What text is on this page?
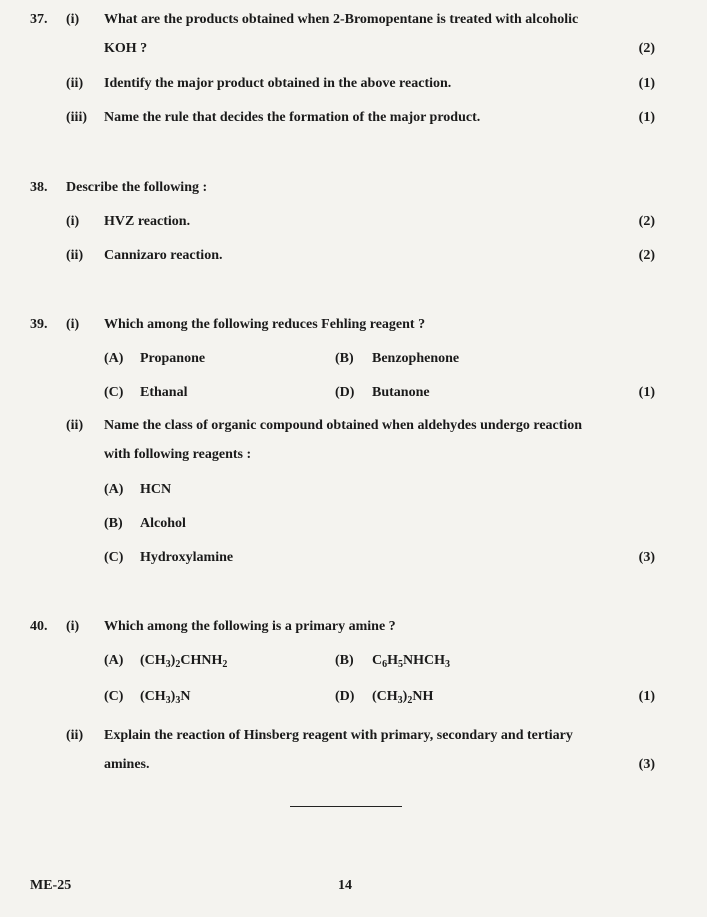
37. (i) What are the products obtained when 2-Bromopentane is treated with alcoholic
KOH ?	(2)
(ii) Identify the major product obtained in the above reaction.	(1)
(iii) Name the rule that decides the formation of the major product.	(1)
38. Describe the following :
(i) HVZ reaction.	(2)
(ii) Cannizaro reaction.	(2)
39. (i) Which among the following reduces Fehling reagent ?
(A) Propanone	(B) Benzophenone
(C) Ethanal	(D) Butanone	(1)
(ii) Name the class of organic compound obtained when aldehydes undergo reaction
with following reagents :
(A) HCN
(B) Alcohol
(C) Hydroxylamine	(3)
40. (i) Which among the following is a primary amine ?
(A) $(CH_3)_2CHNH_2$	(B) $C_6H_5NHCH_3$
(C) $(CH_3)_3N$	(D) $(CH_3)_2NH$	(1)
(ii) Explain the reaction of Hinsberg reagent with primary, secondary and tertiary
amines.	(3)
ME-25	14
